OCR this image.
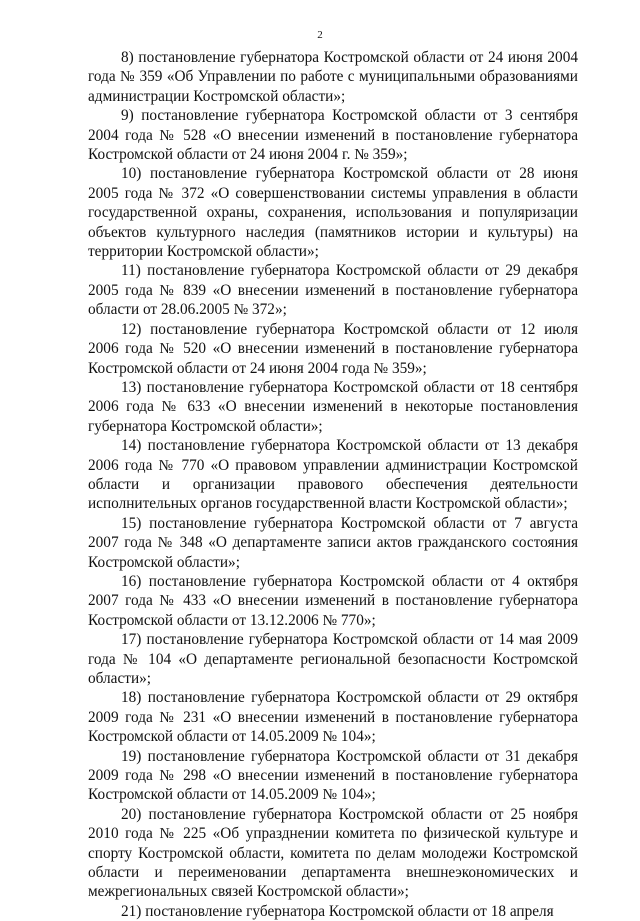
2

8) постановление губернатора Костромской области от 24 июня 2004 года № 359 «Об Управлении по работе с муниципальными образованиями администрации Костромской области»;

9) постановление губернатора Костромской области от 3 сентября 2004 года № 528 «О внесении изменений в постановление губернатора Костромской области от 24 июня 2004 г. № 359»;

10) постановление губернатора Костромской области от 28 июня 2005 года № 372 «О совершенствовании системы управления в области государственной охраны, сохранения, использования и популяризации объектов культурного наследия (памятников истории и культуры) на территории Костромской области»;

11) постановление губернатора Костромской области от 29 декабря 2005 года № 839 «О внесении изменений в постановление губернатора области от 28.06.2005 № 372»;

12) постановление губернатора Костромской области от 12 июля 2006 года № 520 «О внесении изменений в постановление губернатора Костромской области от 24 июня 2004 года № 359»;

13) постановление губернатора Костромской области от 18 сентября 2006 года № 633 «О внесении изменений в некоторые постановления губернатора Костромской области»;

14) постановление губернатора Костромской области от 13 декабря 2006 года № 770 «О правовом управлении администрации Костромской области и организации правового обеспечения деятельности исполнительных органов государственной власти Костромской области»;

15) постановление губернатора Костромской области от 7 августа 2007 года № 348 «О департаменте записи актов гражданского состояния Костромской области»;

16) постановление губернатора Костромской области от 4 октября 2007 года № 433 «О внесении изменений в постановление губернатора Костромской области от 13.12.2006 № 770»;

17) постановление губернатора Костромской области от 14 мая 2009 года № 104 «О департаменте региональной безопасности Костромской области»;

18) постановление губернатора Костромской области от 29 октября 2009 года № 231 «О внесении изменений в постановление губернатора Костромской области от 14.05.2009 № 104»;

19) постановление губернатора Костромской области от 31 декабря 2009 года № 298 «О внесении изменений в постановление губернатора Костромской области от 14.05.2009 № 104»;

20) постановление губернатора Костромской области от 25 ноября 2010 года № 225 «Об упразднении комитета по физической культуре и спорту Костромской области, комитета по делам молодежи Костромской области и переименовании департамента внешнеэкономических и межрегиональных связей Костромской области»;

21) постановление губернатора Костромской области от 18 апреля
